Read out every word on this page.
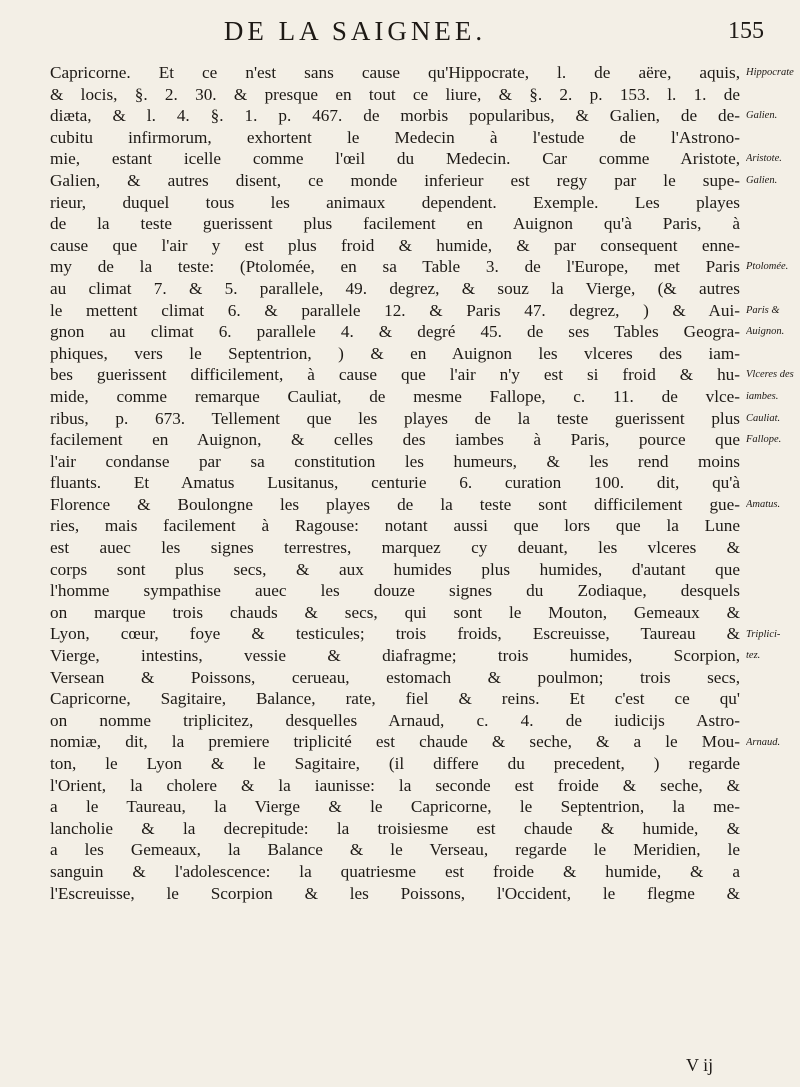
DE LA SAIGNEE.	155
Capricorne. Et ce n'est sans cause qu'Hippocrate, l. de aëre, aquis,
& locis, §. 2. 30. & presque en tout ce liure, & §. 2. p. 153. l. 1. de
diæta, & l. 4. §. 1. p. 467. de morbis popularibus, & Galien, de de-
cubitu infirmorum, exhortent le Medecin à l'estude de l'Astrono-
mie, estant icelle comme l'œil du Medecin. Car comme Aristote,
Galien, & autres disent, ce monde inferieur est regy par le supe-
rieur, duquel tous les animaux dependent. Exemple. Les playes
de la teste guerissent plus facilement en Auignon qu'à Paris, à
cause que l'air y est plus froid & humide, & par consequent enne-
my de la teste: (Ptolomée, en sa Table 3. de l'Europe, met Paris
au climat 7. & 5. parallele, 49. degrez, & souz la Vierge, (& autres
le mettent climat 6. & parallele 12. & Paris 47. degrez, ) & Aui-
gnon au climat 6. parallele 4. & degré 45. de ses Tables Geogra-
phiques, vers le Septentrion, ) & en Auignon les vlceres des iam-
bes guerissent difficilement, à cause que l'air n'y est si froid & hu-
mide, comme remarque Cauliat, de mesme Fallope, c. 11. de vlce-
ribus, p. 673. Tellement que les playes de la teste guerissent plus
facilement en Auignon, & celles des iambes à Paris, pource que
l'air condanse par sa constitution les humeurs, & les rend moins
fluants. Et Amatus Lusitanus, centurie 6. curation 100. dit, qu'à
Florence & Boulongne les playes de la teste sont difficilement gue-
ries, mais facilement à Ragouse: notant aussi que lors que la Lune
est auec les signes terrestres, marquez cy deuant, les vlceres &
corps sont plus secs, & aux humides plus humides, d'autant que
l'homme sympathise auec les douze signes du Zodiaque, desquels
on marque trois chauds & secs, qui sont le Mouton, Gemeaux &
Lyon, cœur, foye & testicules; trois froids, Escreuisse, Taureau &
Vierge, intestins, vessie & diafragme; trois humides, Scorpion,
Versean & Poissons, cerueau, estomach & poulmon; trois secs,
Capricorne, Sagitaire, Balance, rate, fiel & reins. Et c'est ce qu'
on nomme triplicitez, desquelles Arnaud, c. 4. de iudicijs Astro-
nomiæ, dit, la premiere triplicité est chaude & seche, & a le Mou-
ton, le Lyon & le Sagitaire, (il differe du precedent, ) regarde
l'Orient, la cholere & la iaunisse: la seconde est froide & seche, &
a le Taureau, la Vierge & le Capricorne, le Septentrion, la me-
lancholie & la decrepitude: la troisiesme est chaude & humide, &
a les Gemeaux, la Balance & le Verseau, regarde le Meridien, le
sanguin & l'adolescence: la quatriesme est froide & humide, & a
l'Escreuisse, le Scorpion & les Poissons, l'Occident, le flegme &
Hippocrate
Galien.
Aristote.
Galien.
Ptolomée.
Paris &
Auignon.
Vlceres des
iambes.
Cauliat.
Fallope.
Amatus.
Triplici-
tez.
Arnaud.
V ij
